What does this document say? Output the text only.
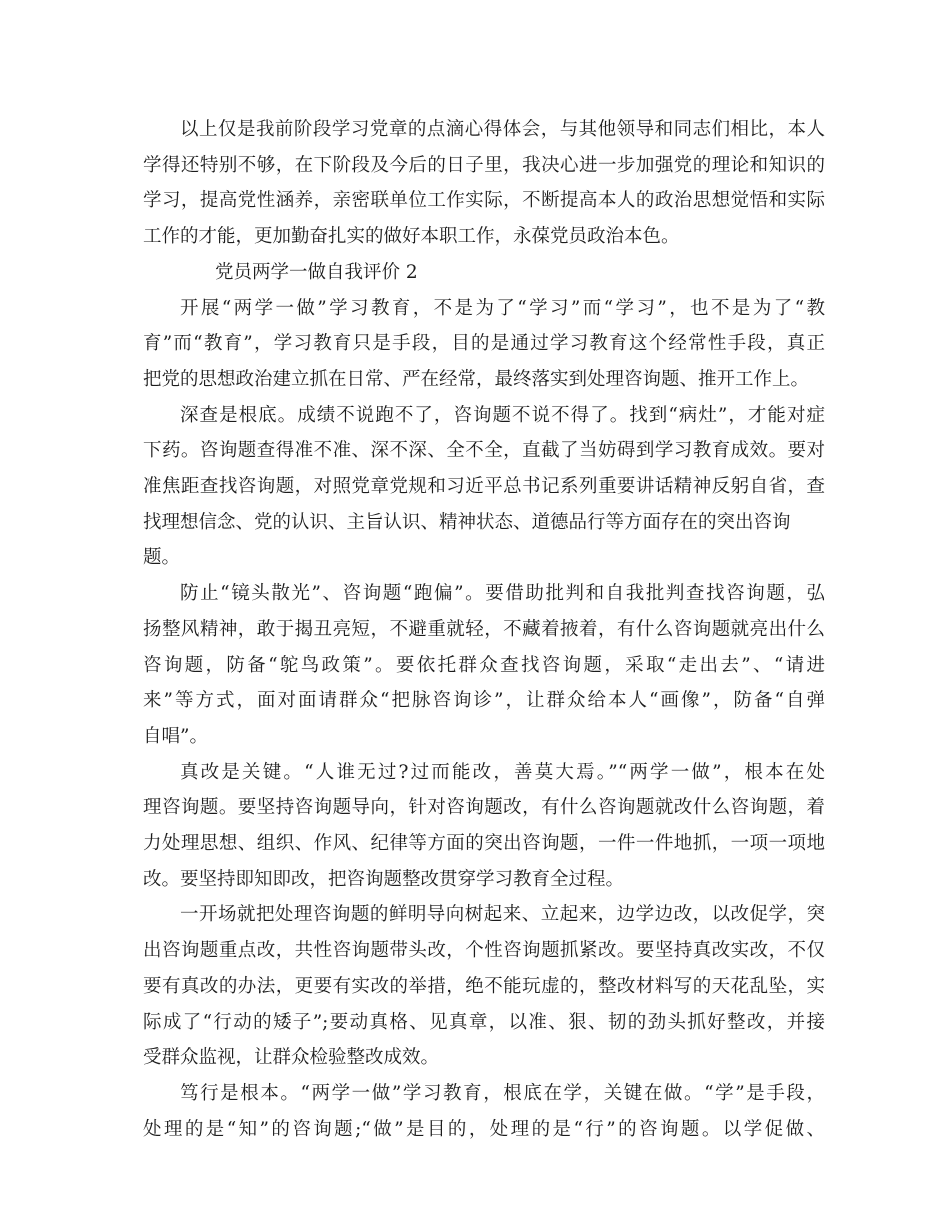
以上仅是我前阶段学习党章的点滴心得体会，与其他领导和同志们相比，本人
学得还特别不够，在下阶段及今后的日子里，我决心进一步加强党的理论和知识的
学习，提高党性涵养，亲密联单位工作实际，不断提高本人的政治思想觉悟和实际
工作的才能，更加勤奋扎实的做好本职工作，永葆党员政治本色。
党员两学一做自我评价 2
开展“两学一做”学习教育，不是为了“学习”而“学习”，也不是为了“教
育”而“教育”，学习教育只是手段，目的是通过学习教育这个经常性手段，真正
把党的思想政治建立抓在日常、严在经常，最终落实到处理咨询题、推开工作上。
深查是根底。成绩不说跑不了，咨询题不说不得了。找到“病灶”，才能对症
下药。咨询题查得准不准、深不深、全不全，直截了当妨碍到学习教育成效。要对
准焦距查找咨询题，对照党章党规和习近平总书记系列重要讲话精神反躬自省，查
找理想信念、党的认识、主旨认识、精神状态、道德品行等方面存在的突出咨询题。
防止“镜头散光”、咨询题“跑偏”。要借助批判和自我批判查找咨询题，弘
扬整风精神，敢于揭丑亮短，不避重就轻，不藏着掖着，有什么咨询题就亮出什么
咨询题，防备“鸵鸟政策”。要依托群众查找咨询题，采取“走出去”、“请进
来”等方式，面对面请群众“把脉咨询诊”，让群众给本人“画像”，防备“自弹
自唱”。
真改是关键。“人谁无过?过而能改，善莫大焉。”“两学一做”，根本在处
理咨询题。要坚持咨询题导向，针对咨询题改，有什么咨询题就改什么咨询题，着
力处理思想、组织、作风、纪律等方面的突出咨询题，一件一件地抓，一项一项地
改。要坚持即知即改，把咨询题整改贯穿学习教育全过程。
一开场就把处理咨询题的鲜明导向树起来、立起来，边学边改，以改促学，突
出咨询题重点改，共性咨询题带头改，个性咨询题抓紧改。要坚持真改实改，不仅
要有真改的办法，更要有实改的举措，绝不能玩虚的，整改材料写的天花乱坠，实
际成了“行动的矮子”;要动真格、见真章，以准、狠、韧的劲头抓好整改，并接
受群众监视，让群众检验整改成效。
笃行是根本。“两学一做”学习教育，根底在学，关键在做。“学”是手段，
处理的是“知”的咨询题;“做”是目的，处理的是“行”的咨询题。以学促做、
